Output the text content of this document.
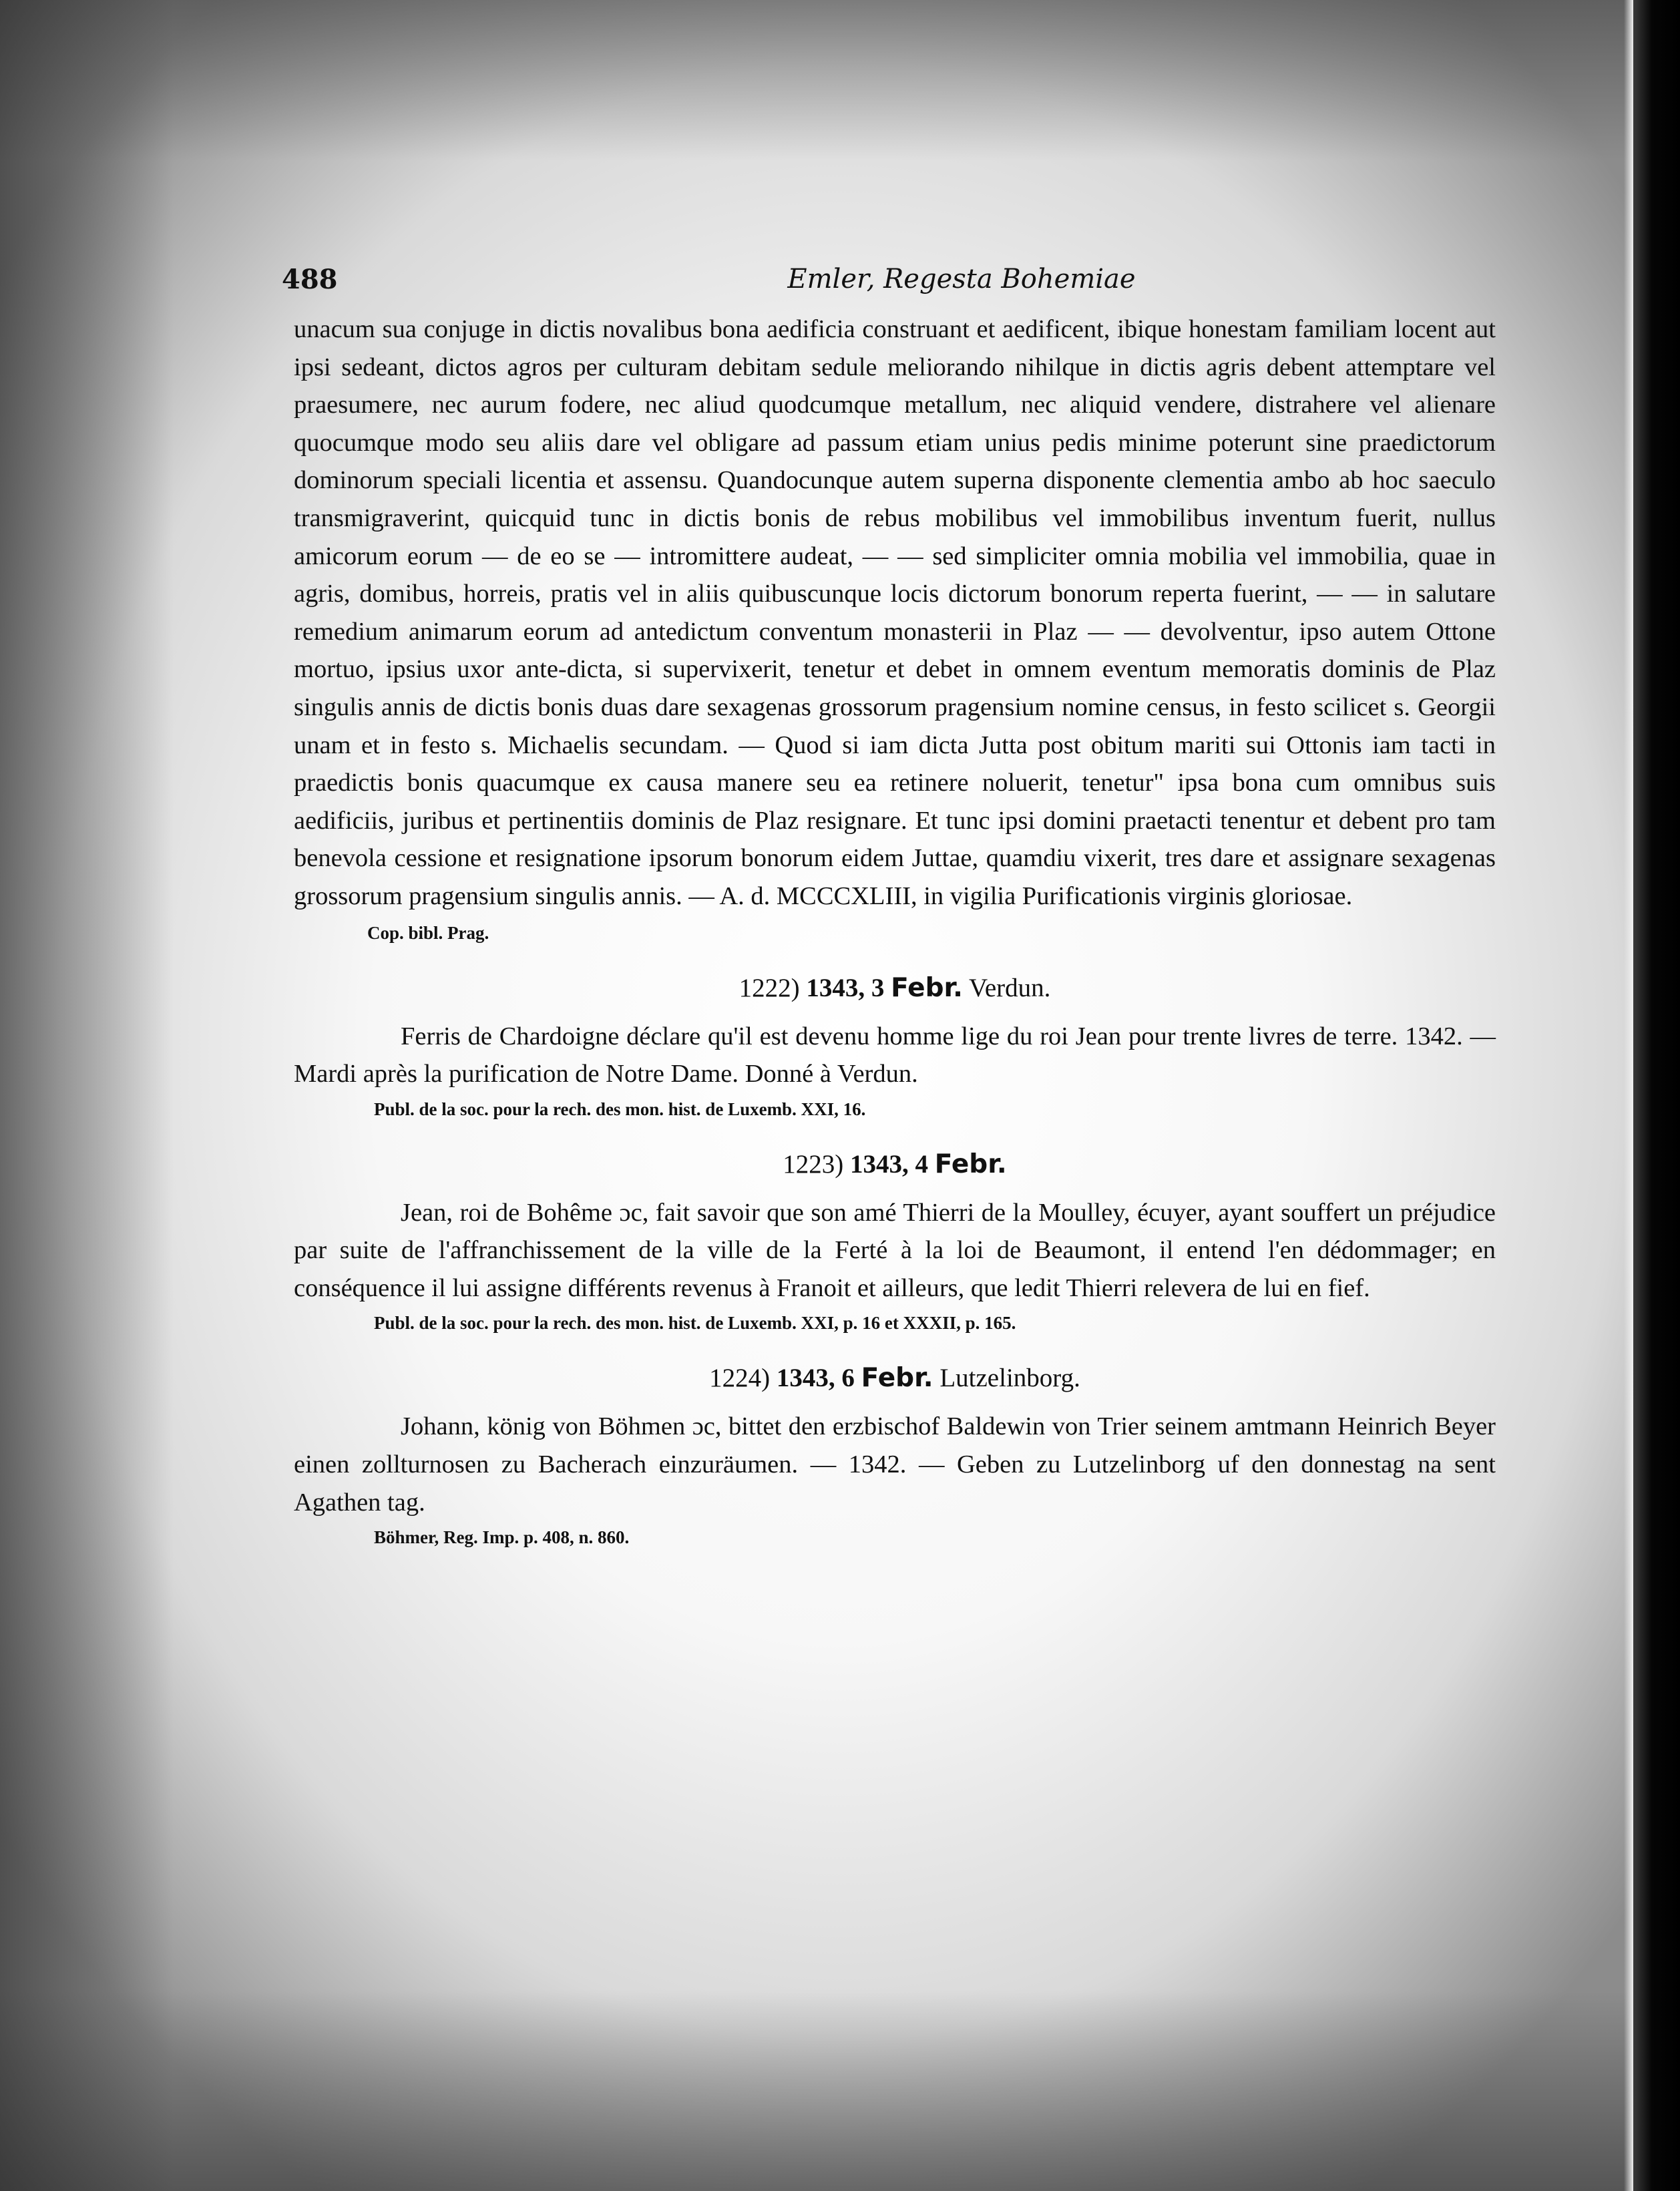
488	Emler, Regesta Bohemiae

unacum sua conjuge in dictis novalibus bona aedificia construant et aedificent, ibique honestam familiam locent aut ipsi sedeant, dictos agros per culturam debitam sedule meliorando nihilque in dictis agris debent attemptare vel praesumere, nec aurum fodere, nec aliud quodcumque metallum, nec aliquid vendere, distrahere vel alienare quocumque modo seu aliis dare vel obligare ad passum etiam unius pedis minime poterunt sine praedictorum dominorum speciali licentia et assensu. Quandocunque autem superna disponente clementia ambo ab hoc saeculo transmigraverint, quicquid tunc in dictis bonis de rebus mobilibus vel immobilibus inventum fuerit, nullus amicorum eorum — de eo se — intromittere audeat, — — sed simpliciter omnia mobilia vel immobilia, quae in agris, domibus, horreis, pratis vel in aliis quibuscunque locis dictorum bonorum reperta fuerint, — — in salutare remedium animarum eorum ad antedictum conventum monasterii in Plaz — — devolventur, ipso autem Ottone mortuo, ipsius uxor ante-dicta, si supervixerit, tenetur et debet in omnem eventum memoratis dominis de Plaz singulis annis de dictis bonis duas dare sexagenas grossorum pragensium nomine census, in festo scilicet s. Georgii unam et in festo s. Michaelis secundam. — Quod si iam dicta Jutta post obitum mariti sui Ottonis iam tacti in praedictis bonis quacumque ex causa manere seu ea retinere noluerit, tenetur" ipsa bona cum omnibus suis aedificiis, juribus et pertinentiis dominis de Plaz resignare. Et tunc ipsi domini praetacti tenentur et debent pro tam benevola cessione et resignatione ipsorum bonorum eidem Juttae, quamdiu vixerit, tres dare et assignare sexagenas grossorum pragensium singulis annis. — A. d. MCCCXLIII, in vigilia Purificationis virginis gloriosae.

Cop. bibl. Prag.
1222) 1343, 3 Febr. Verdun.

Ferris de Chardoigne déclare qu'il est devenu homme lige du roi Jean pour trente livres de terre. 1342. — Mardi après la purification de Notre Dame. Donné à Verdun.

Publ. de la soc. pour la rech. des mon. hist. de Luxemb. XXI, 16.
1223) 1343, 4 Febr.

Jean, roi de Bohême ɔc, fait savoir que son amé Thierri de la Moulley, écuyer, ayant souffert un préjudice par suite de l'affranchissement de la ville de la Ferté à la loi de Beaumont, il entend l'en dédommager; en conséquence il lui assigne différents revenus à Franoit et ailleurs, que ledit Thierri relevera de lui en fief.

Publ. de la soc. pour la rech. des mon. hist. de Luxemb. XXI, p. 16 et XXXII, p. 165.
1224) 1343, 6 Febr. Lutzelinborg.

Johann, könig von Böhmen ɔc, bittet den erzbischof Baldewin von Trier seinem amtmann Heinrich Beyer einen zollturnosen zu Bacherach einzuräumen. — 1342. — Geben zu Lutzelinborg uf den donnestag na sent Agathen tag.

Böhmer, Reg. Imp. p. 408, n. 860.
